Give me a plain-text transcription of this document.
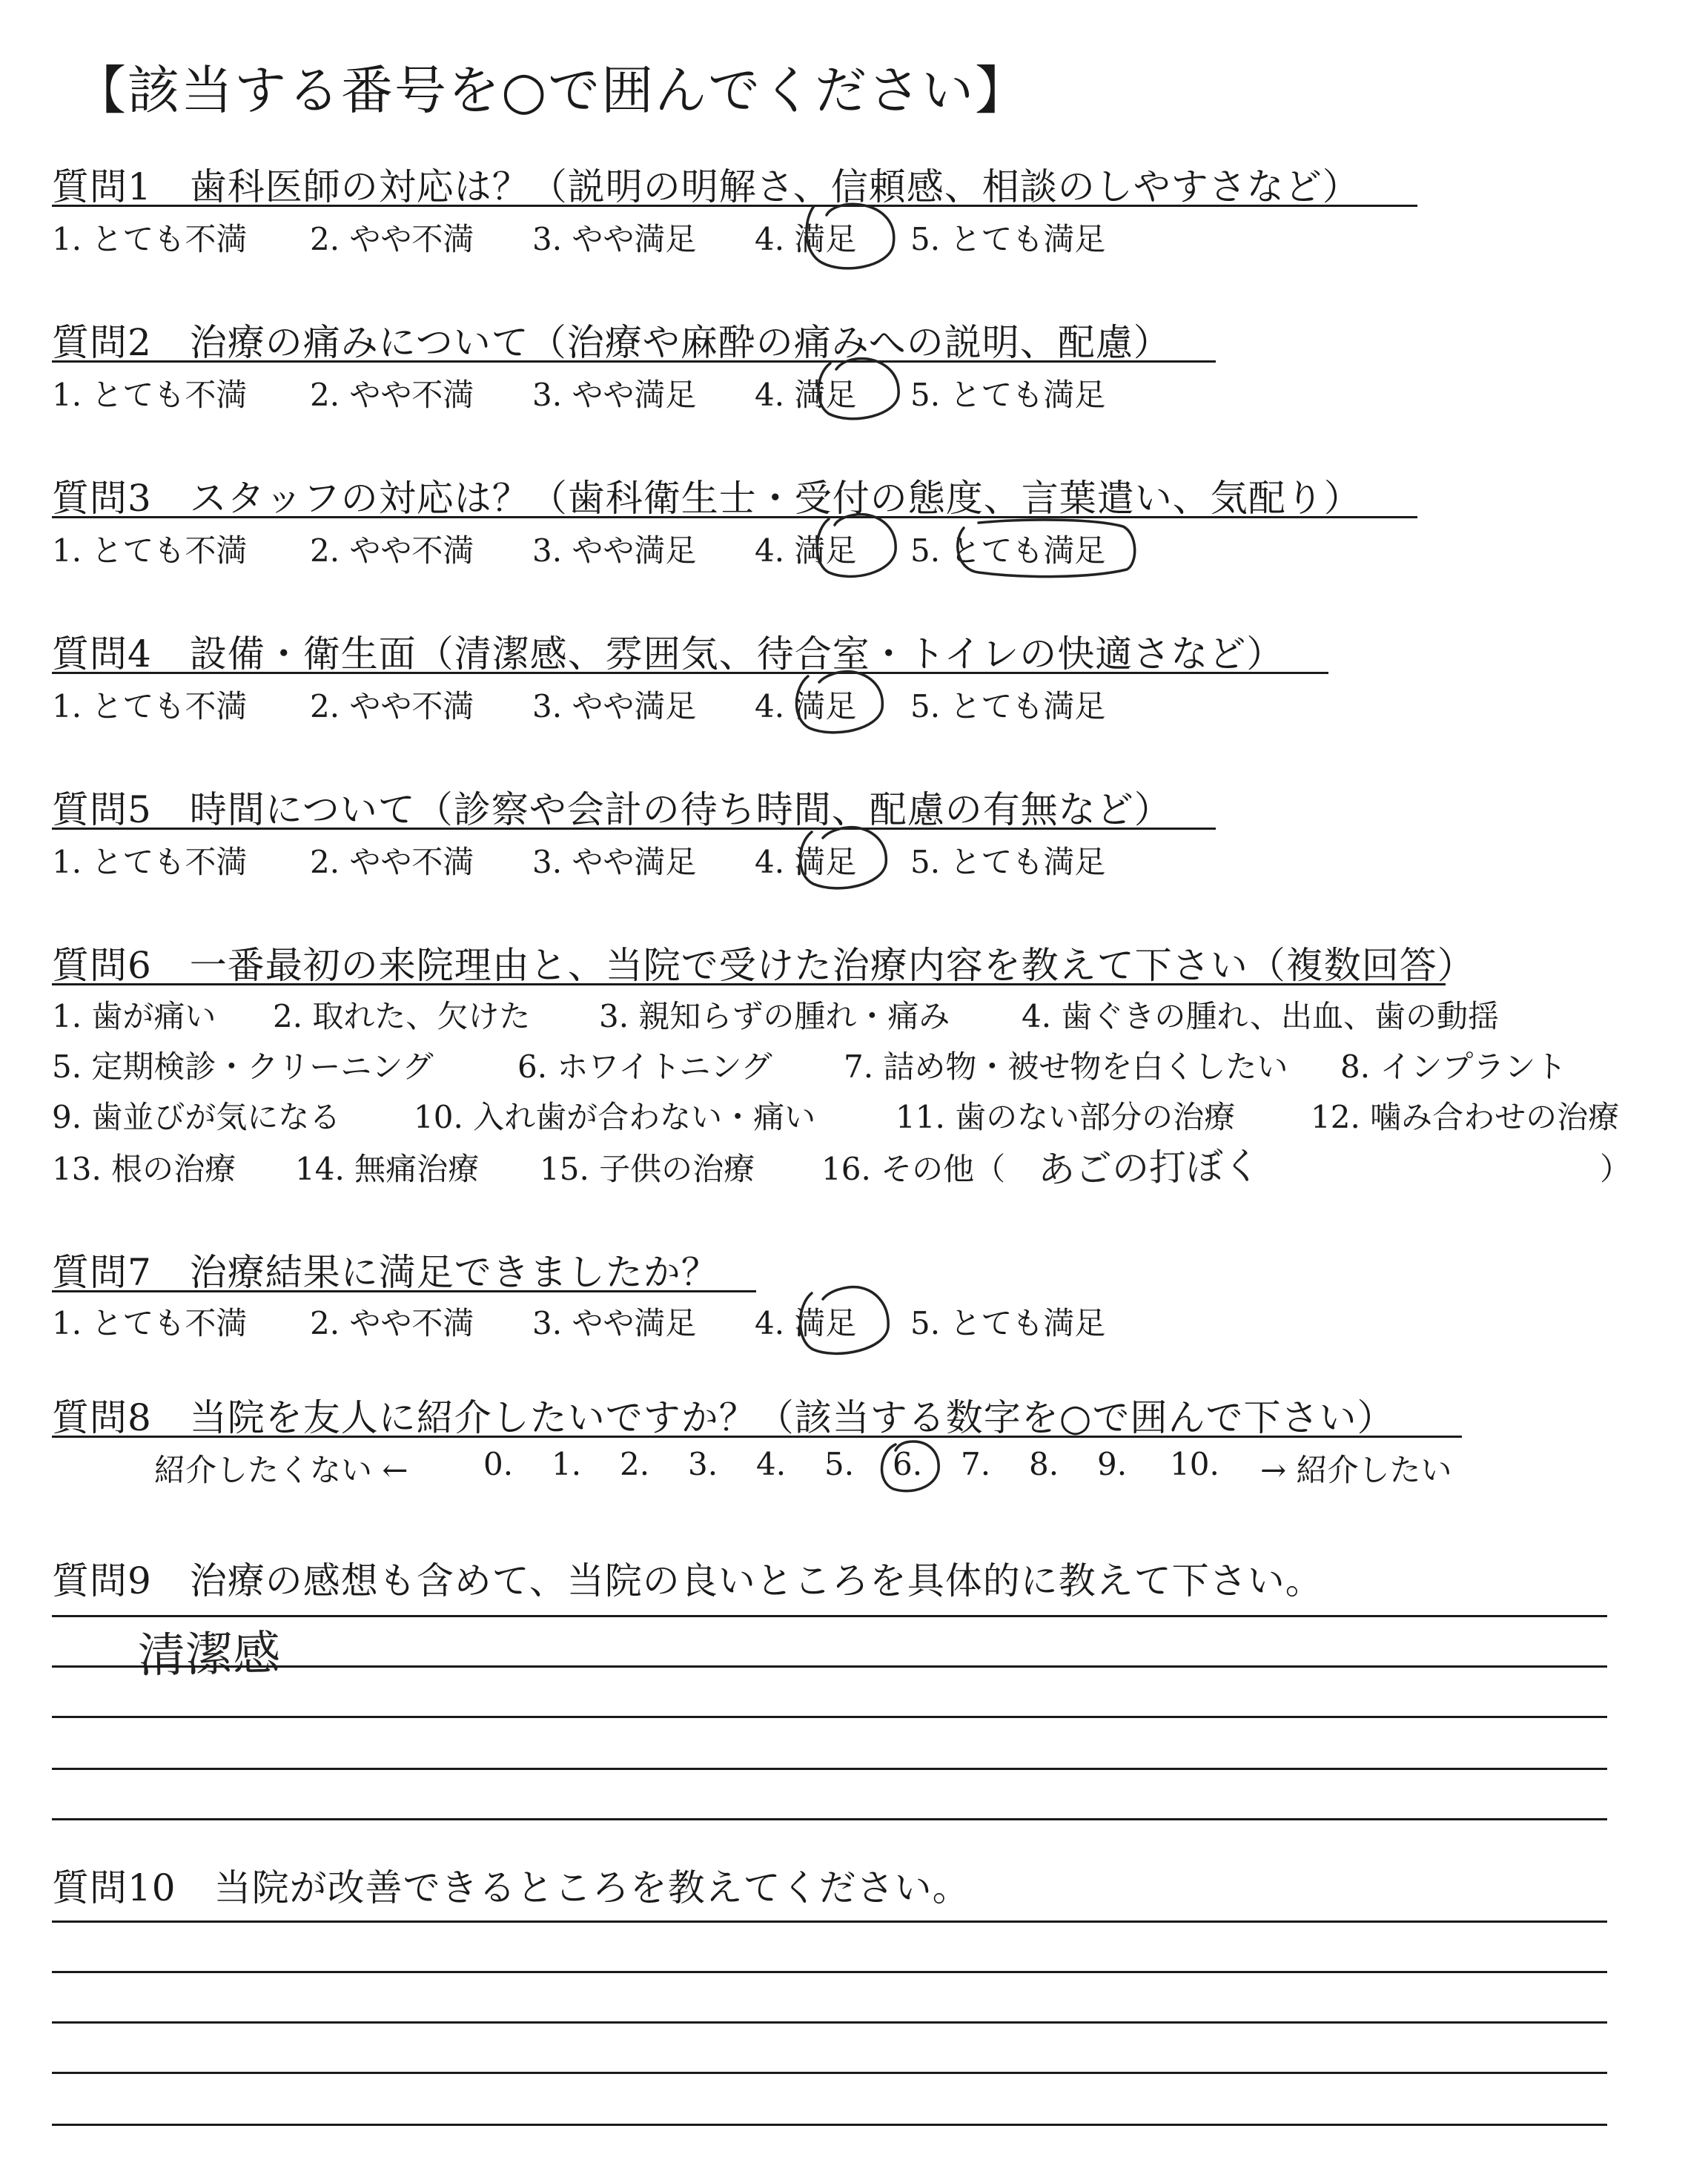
【該当する番号を○で囲んでください】
質問1　歯科医師の対応は？（説明の明解さ、信頼感、相談のしやすさなど）
1. とても不満 2. やや不満 3. やや満足 4. 満足 5. とても満足
質問2　治療の痛みについて（治療や麻酔の痛みへの説明、配慮）
1. とても不満 2. やや不満 3. やや満足 4. 満足 5. とても満足
質問3　スタッフの対応は？（歯科衛生士・受付の態度、言葉遣い、気配り）
1. とても不満 2. やや不満 3. やや満足 4. 満足 5. とても満足
質問4　設備・衛生面（清潔感、雰囲気、待合室・トイレの快適さなど）
1. とても不満 2. やや不満 3. やや満足 4. 満足 5. とても満足
質問5　時間について（診察や会計の待ち時間、配慮の有無など）
1. とても不満 2. やや不満 3. やや満足 4. 満足 5. とても満足
質問6　一番最初の来院理由と、当院で受けた治療内容を教えて下さい（複数回答）
1. 歯が痛い 2. 取れた、欠けた 3. 親知らずの腫れ・痛み 4. 歯ぐきの腫れ、出血、歯の動揺
5. 定期検診・クリーニング	6. ホワイトニング 7. 詰め物・被せ物を白くしたい 8. インプラント
9. 歯並びが気になる 10. 入れ歯が合わない・痛い	11. 歯のない部分の治療 12. 噛み合わせの治療
13. 根の治療 14. 無痛治療 15. 子供の治療 16. その他（ あごの打ぼく	）
質問7　治療結果に満足できましたか？
1. とても不満 2. やや不満 3. やや満足 4. 満足 5. とても満足
質問8　当院を友人に紹介したいですか？（該当する数字を○で囲んで下さい）
紹介したくない ← 0. 1. 2. 3. 4. 5. 6. 7. 8. 9. 10. → 紹介したい
質問9　治療の感想も含めて、当院の良いところを具体的に教えて下さい。
清潔感
質問10　当院が改善できるところを教えてください。
